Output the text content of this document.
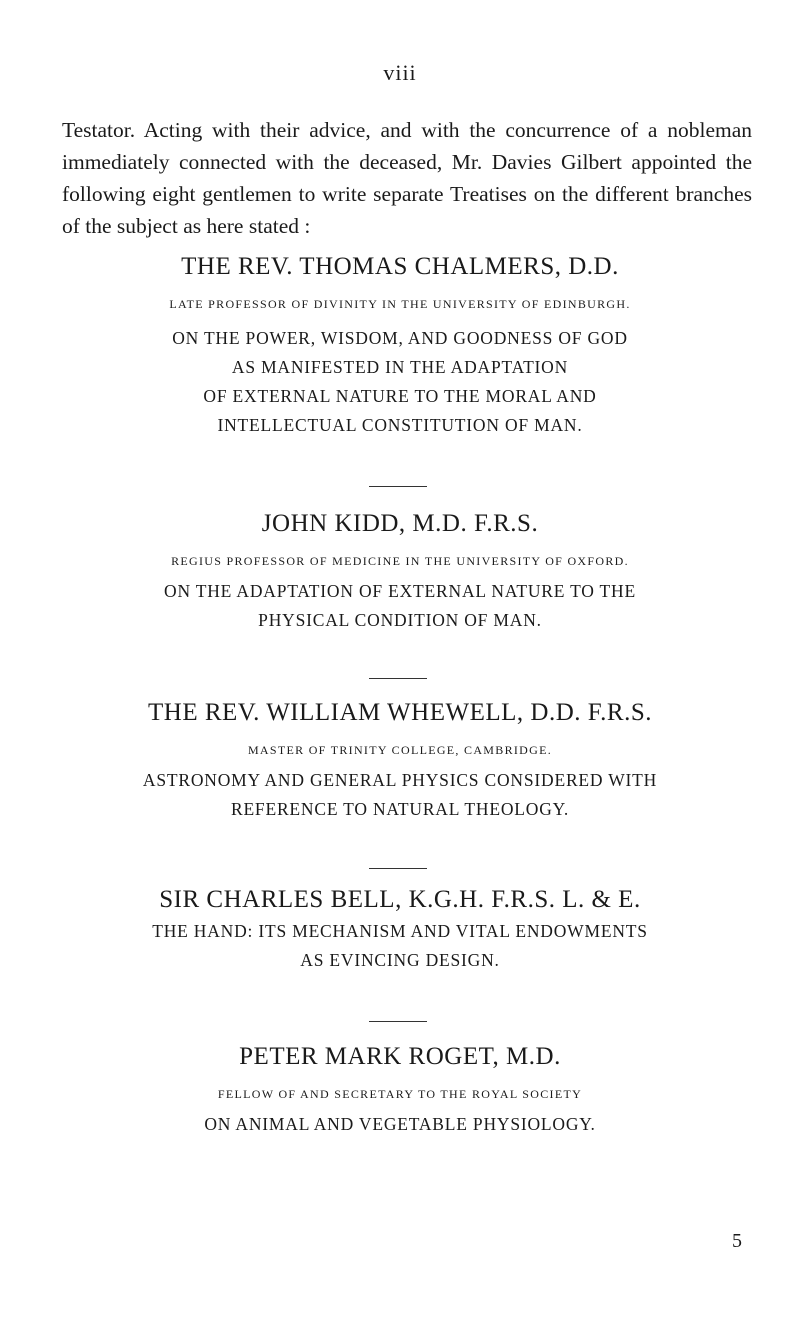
viii

Testator. Acting with their advice, and with the concurrence of a nobleman immediately connected with the deceased, Mr. Davies Gilbert appointed the following eight gentlemen to write separate Treatises on the different branches of the subject as here stated :

THE REV. THOMAS CHALMERS, D.D.
LATE PROFESSOR OF DIVINITY IN THE UNIVERSITY OF EDINBURGH.
ON THE POWER, WISDOM, AND GOODNESS OF GOD
AS MANIFESTED IN THE ADAPTATION
OF EXTERNAL NATURE TO THE MORAL AND
INTELLECTUAL CONSTITUTION OF MAN.
JOHN KIDD, M.D. F.R.S.
REGIUS PROFESSOR OF MEDICINE IN THE UNIVERSITY OF OXFORD.
ON THE ADAPTATION OF EXTERNAL NATURE TO THE
PHYSICAL CONDITION OF MAN.
THE REV. WILLIAM WHEWELL, D.D. F.R.S.
MASTER OF TRINITY COLLEGE, CAMBRIDGE.
ASTRONOMY AND GENERAL PHYSICS CONSIDERED WITH
REFERENCE TO NATURAL THEOLOGY.
SIR CHARLES BELL, K.G.H. F.R.S. L. & E.
THE HAND: ITS MECHANISM AND VITAL ENDOWMENTS
AS EVINCING DESIGN.
PETER MARK ROGET, M.D.
FELLOW OF AND SECRETARY TO THE ROYAL SOCIETY
ON ANIMAL AND VEGETABLE PHYSIOLOGY.
5
